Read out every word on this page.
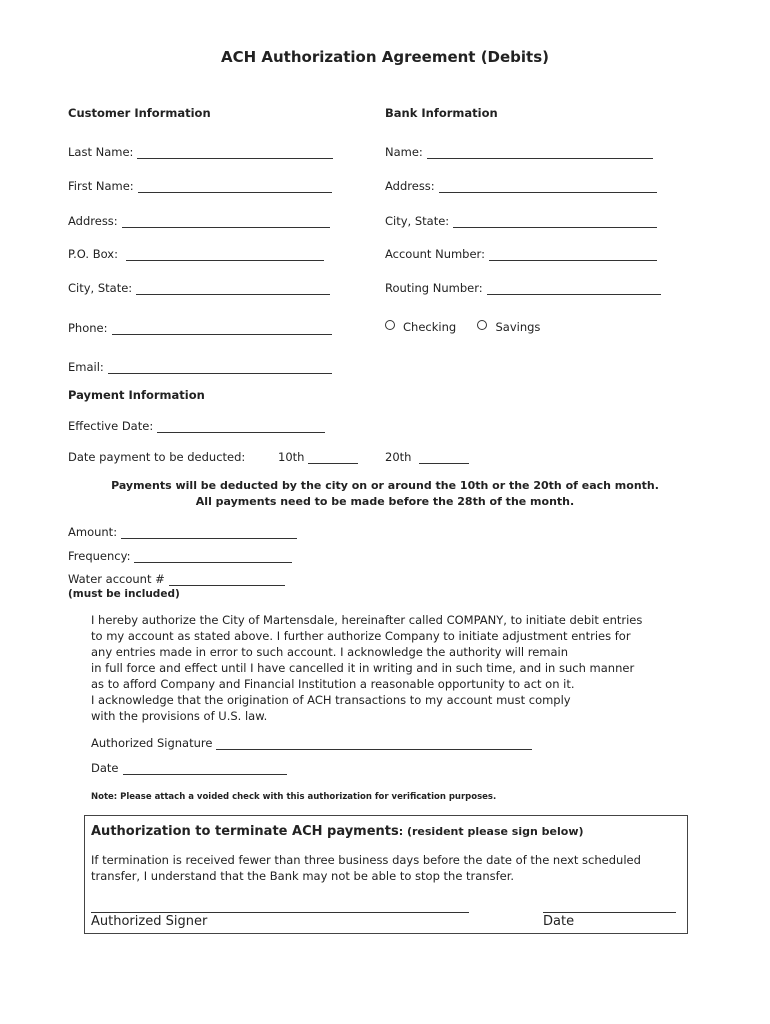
ACH Authorization Agreement (Debits)
Customer Information
Last Name:
First Name:
Address:
P.O. Box:
City, State:
Phone:
Email:
Bank Information
Name:
Address:
City, State:
Account Number:
Routing Number:
Checking	Savings
Payment Information
Effective Date:
Date payment to be deducted:	10th	20th
Payments will be deducted by the city on or around the 10th or the 20th of each month.
All payments need to be made before the 28th of the month.
Amount:
Frequency:
Water account #
(must be included)
I hereby authorize the City of Martensdale, hereinafter called COMPANY, to initiate debit entries
to my account as stated above. I further authorize Company to initiate adjustment entries for
any entries made in error to such account. I acknowledge the authority will remain
in full force and effect until I have cancelled it in writing and in such time, and in such manner
as to afford Company and Financial Institution a reasonable opportunity to act on it.
I acknowledge that the origination of ACH transactions to my account must comply
with the provisions of U.S. law.
Authorized Signature
Date
Note: Please attach a voided check with this authorization for verification purposes.
Authorization to terminate ACH payments: (resident please sign below)
If termination is received fewer than three business days before the date of the next scheduled
transfer, I understand that the Bank may not be able to stop the transfer.
Authorized Signer	Date
